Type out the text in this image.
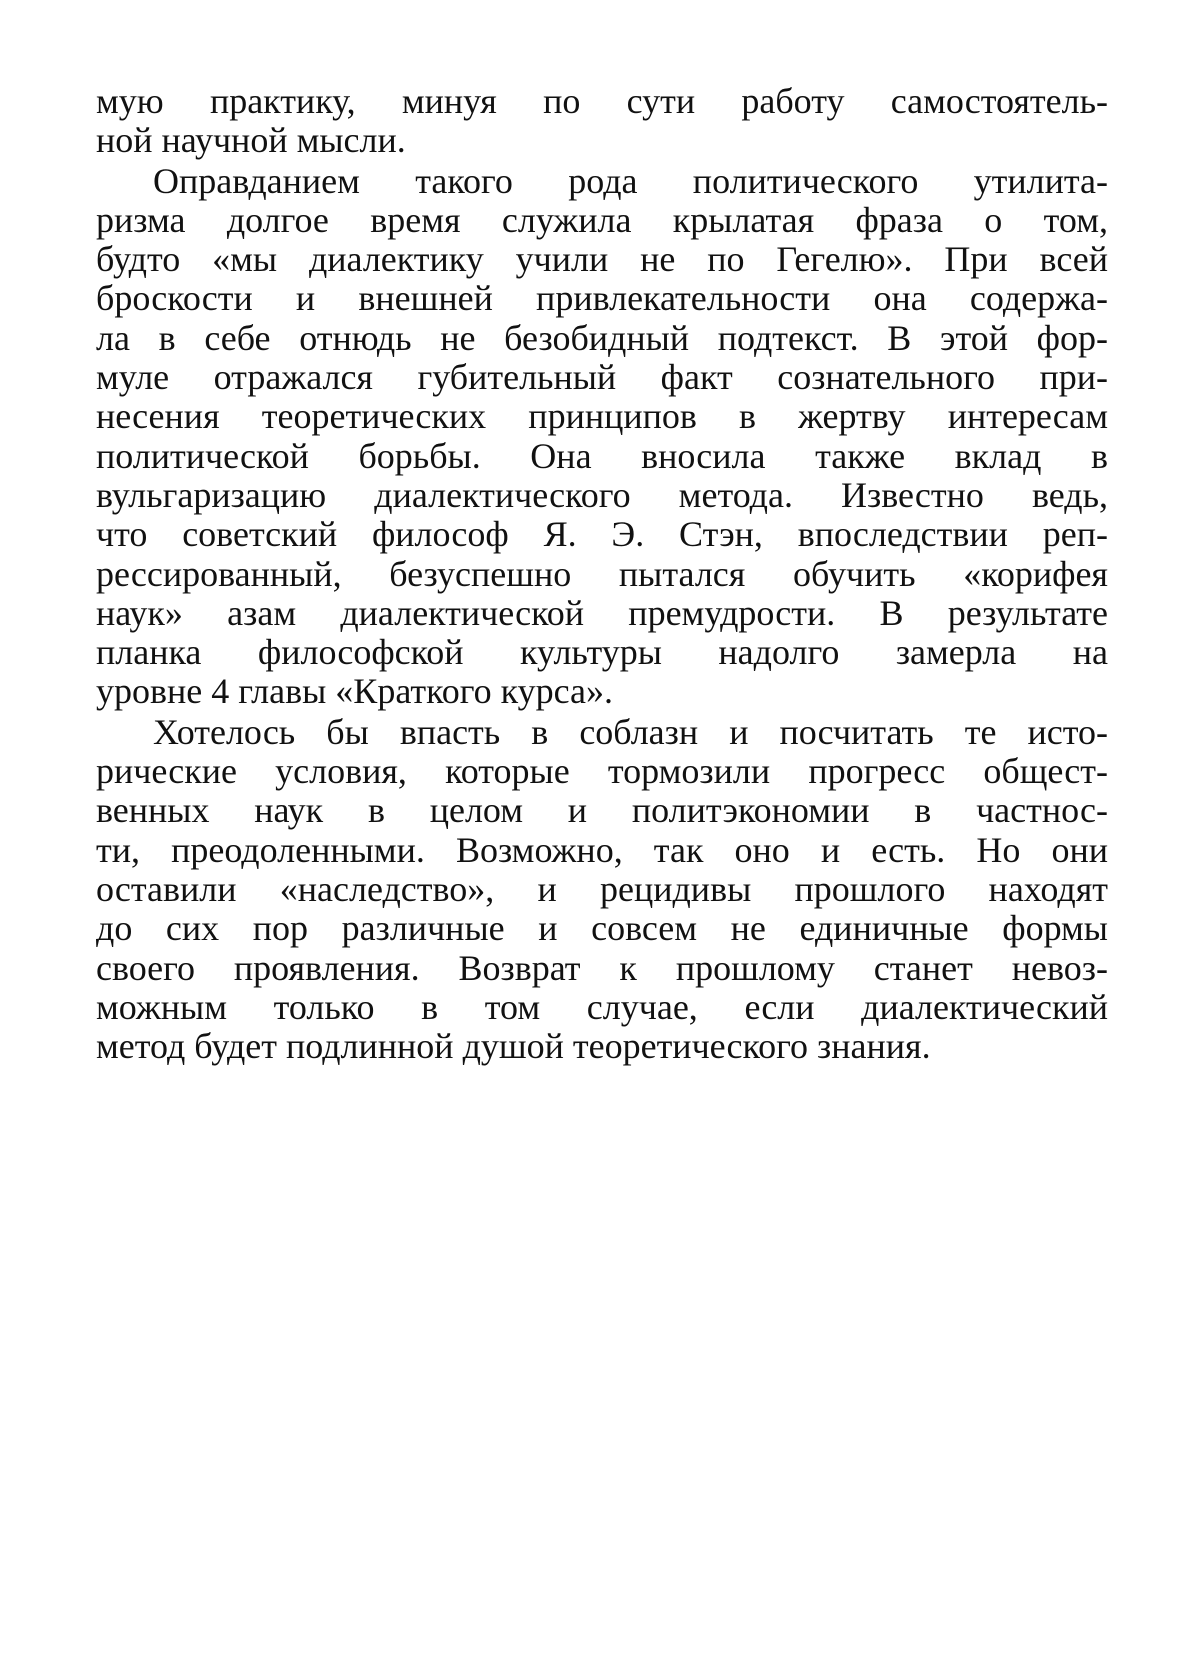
мую практику, минуя по сути работу самостоятель-
ной научной мысли.
Оправданием такого рода политического утилита-
ризма долгое время служила крылатая фраза о том,
будто «мы диалектику учили не по Гегелю». При всей
броскости и внешней привлекательности она содержа-
ла в себе отнюдь не безобидный подтекст. В этой фор-
муле отражался губительный факт сознательного при-
несения теоретических принципов в жертву интересам
политической борьбы. Она вносила также вклад в
вульгаризацию диалектического метода. Известно ведь,
что советский философ Я. Э. Стэн, впоследствии реп-
рессированный, безуспешно пытался обучить «корифея
наук» азам диалектической премудрости. В результате
планка философской культуры надолго замерла на
уровне 4 главы «Краткого курса».
Хотелось бы впасть в соблазн и посчитать те исто-
рические условия, которые тормозили прогресс общест-
венных наук в целом и политэкономии в частнос-
ти, преодоленными. Возможно, так оно и есть. Но они
оставили «наследство», и рецидивы прошлого находят
до сих пор различные и совсем не единичные формы
своего проявления. Возврат к прошлому станет невоз-
можным только в том случае, если диалектический
метод будет подлинной душой теоретического знания.
